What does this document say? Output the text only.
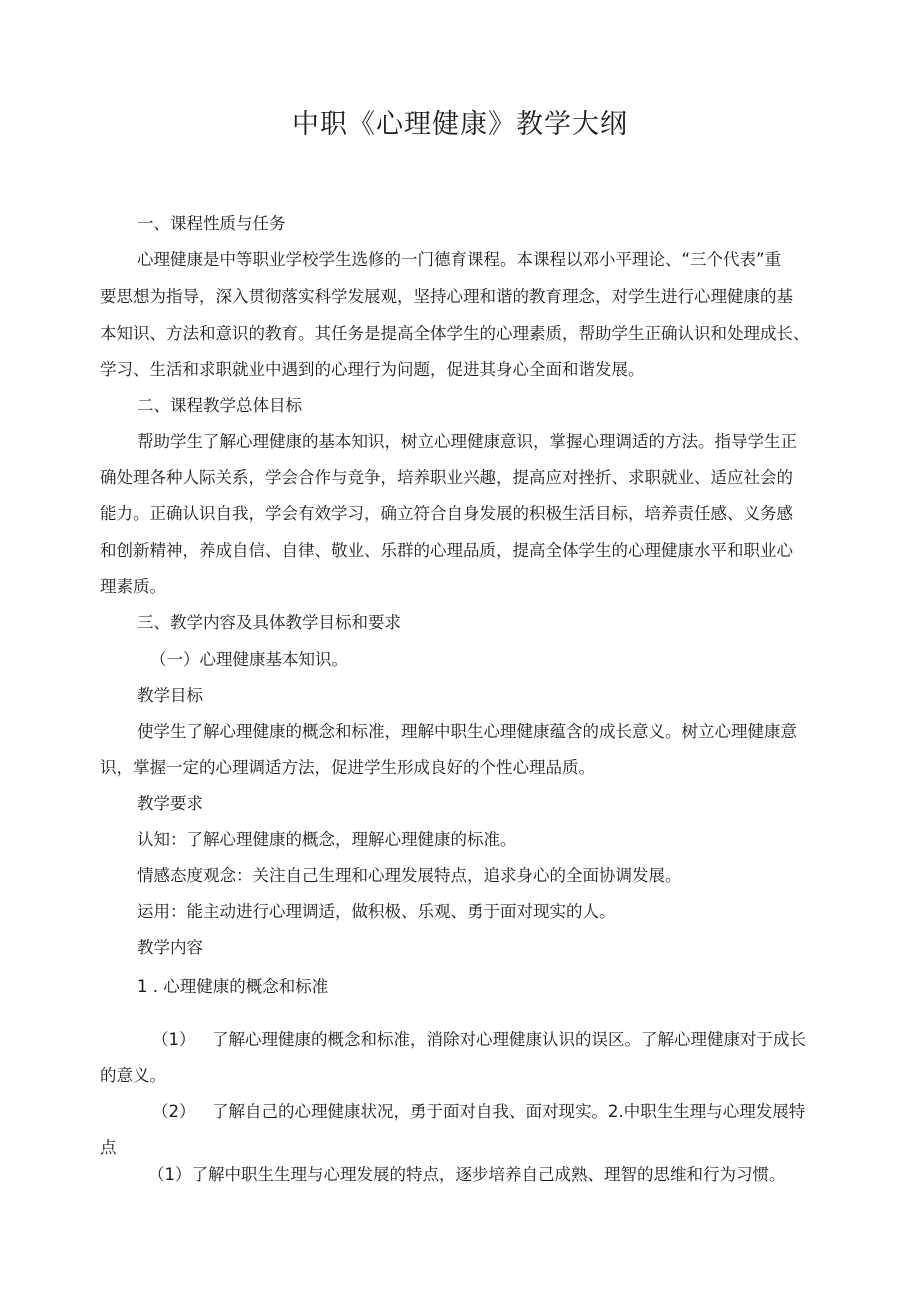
中职《心理健康》教学大纲
一、课程性质与任务
心理健康是中等职业学校学生选修的一门德育课程。本课程以邓小平理论、“三个代表”重
要思想为指导，深入贯彻落实科学发展观，坚持心理和谐的教育理念，对学生进行心理健康的基
本知识、方法和意识的教育。其任务是提高全体学生的心理素质，帮助学生正确认识和处理成长、
学习、生活和求职就业中遇到的心理行为问题，促进其身心全面和谐发展。
二、课程教学总体目标
帮助学生了解心理健康的基本知识，树立心理健康意识，掌握心理调适的方法。指导学生正
确处理各种人际关系，学会合作与竞争，培养职业兴趣，提高应对挫折、求职就业、适应社会的
能力。正确认识自我，学会有效学习，确立符合自身发展的积极生活目标，培养责任感、义务感
和创新精神，养成自信、自律、敬业、乐群的心理品质，提高全体学生的心理健康水平和职业心
理素质。
三、教学内容及具体教学目标和要求
（一）心理健康基本知识。
教学目标
使学生了解心理健康的概念和标准，理解中职生心理健康蕴含的成长意义。树立心理健康意
识，掌握一定的心理调适方法，促进学生形成良好的个性心理品质。
教学要求
认知：了解心理健康的概念，理解心理健康的标准。
情感态度观念：关注自己生理和心理发展特点，追求身心的全面协调发展。
运用：能主动进行心理调适，做积极、乐观、勇于面对现实的人。
教学内容
1 . 心理健康的概念和标准
（1） 了解心理健康的概念和标准，消除对心理健康认识的误区。了解心理健康对于成长
的意义。
（2） 了解自己的心理健康状况，勇于面对自我、面对现实。2.中职生生理与心理发展特
点
（1）了解中职生生理与心理发展的特点，逐步培养自己成熟、理智的思维和行为习惯。
